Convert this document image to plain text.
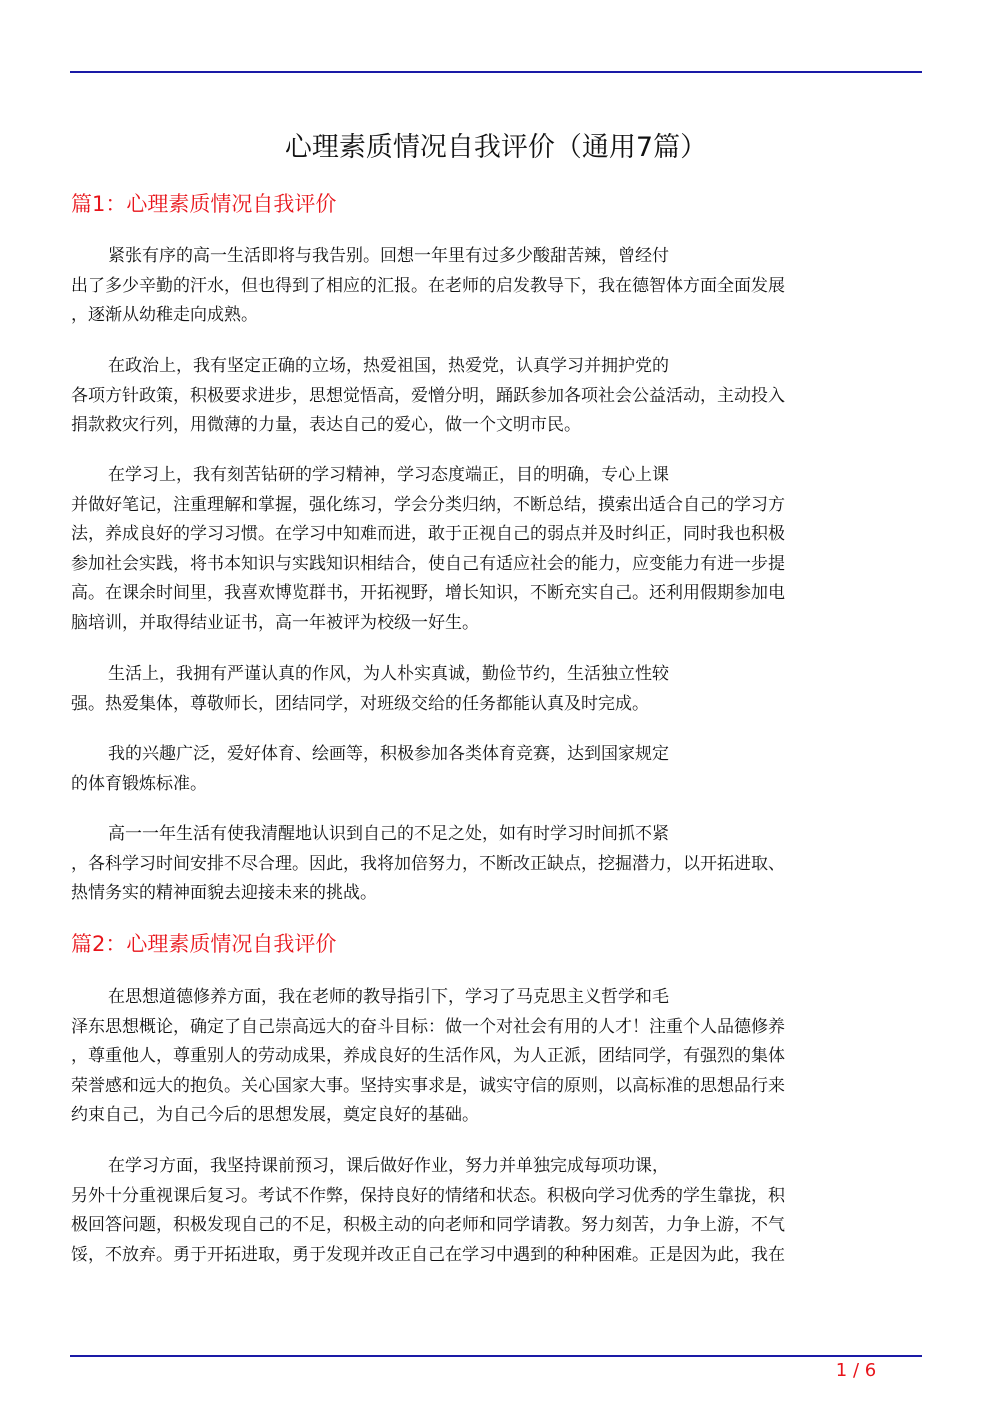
心理素质情况自我评价（通用7篇）
篇1：心理素质情况自我评价
紧张有序的高一生活即将与我告别。回想一年里有过多少酸甜苦辣，曾经付
出了多少辛勤的汗水，但也得到了相应的汇报。在老师的启发教导下，我在德智体方面全面发展
，逐渐从幼稚走向成熟。
在政治上，我有坚定正确的立场，热爱祖国，热爱党，认真学习并拥护党的
各项方针政策，积极要求进步，思想觉悟高，爱憎分明，踊跃参加各项社会公益活动，主动投入
捐款救灾行列，用微薄的力量，表达自己的爱心，做一个文明市民。
在学习上，我有刻苦钻研的学习精神，学习态度端正，目的明确，专心上课
并做好笔记，注重理解和掌握，强化练习，学会分类归纳，不断总结，摸索出适合自己的学习方
法，养成良好的学习习惯。在学习中知难而进，敢于正视自己的弱点并及时纠正，同时我也积极
参加社会实践，将书本知识与实践知识相结合，使自己有适应社会的能力，应变能力有进一步提
高。在课余时间里，我喜欢博览群书，开拓视野，增长知识，不断充实自己。还利用假期参加电
脑培训，并取得结业证书，高一年被评为校级一好生。
生活上，我拥有严谨认真的作风，为人朴实真诚，勤俭节约，生活独立性较
强。热爱集体，尊敬师长，团结同学，对班级交给的任务都能认真及时完成。
我的兴趣广泛，爱好体育、绘画等，积极参加各类体育竞赛，达到国家规定
的体育锻炼标准。
高一一年生活有使我清醒地认识到自己的不足之处，如有时学习时间抓不紧
，各科学习时间安排不尽合理。因此，我将加倍努力，不断改正缺点，挖掘潜力，以开拓进取、
热情务实的精神面貌去迎接未来的挑战。
篇2：心理素质情况自我评价
在思想道德修养方面，我在老师的教导指引下，学习了马克思主义哲学和毛
泽东思想概论，确定了自己崇高远大的奋斗目标：做一个对社会有用的人才！注重个人品德修养
，尊重他人，尊重别人的劳动成果，养成良好的生活作风，为人正派，团结同学，有强烈的集体
荣誉感和远大的抱负。关心国家大事。坚持实事求是，诚实守信的原则，以高标准的思想品行来
约束自己，为自己今后的思想发展，奠定良好的基础。
在学习方面，我坚持课前预习，课后做好作业，努力并单独完成每项功课，
另外十分重视课后复习。考试不作弊，保持良好的情绪和状态。积极向学习优秀的学生靠拢，积
极回答问题，积极发现自己的不足，积极主动的向老师和同学请教。努力刻苦，力争上游，不气
馁，不放弃。勇于开拓进取，勇于发现并改正自己在学习中遇到的种种困难。正是因为此，我在
1 / 6
